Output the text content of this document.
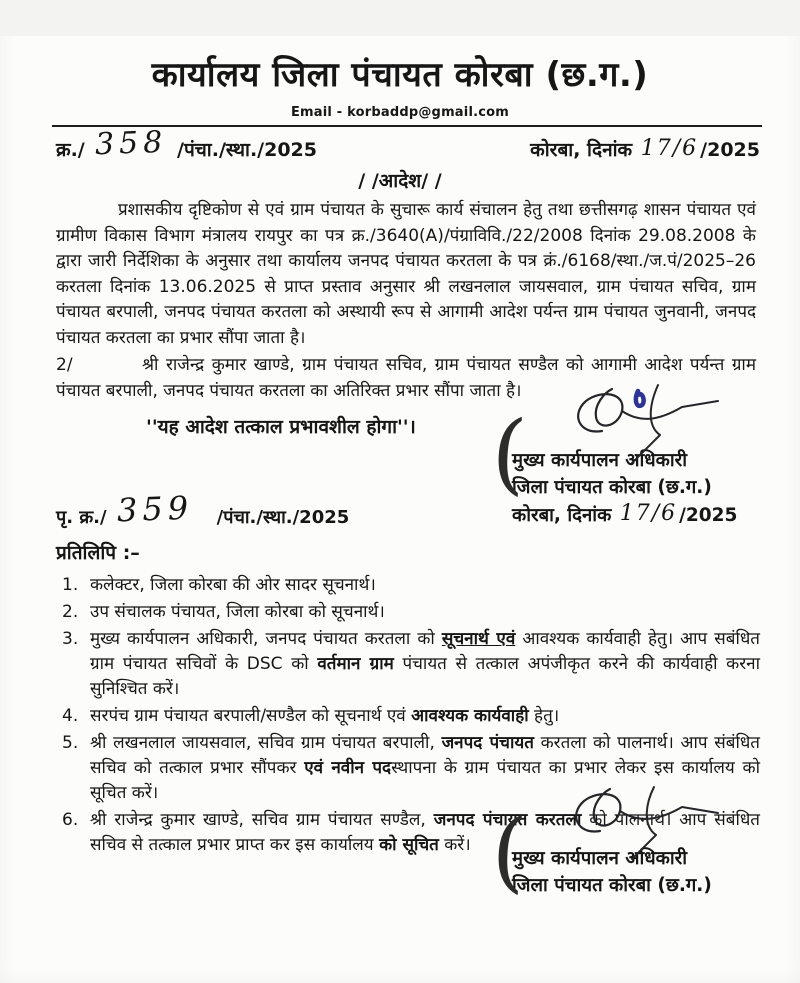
कार्यालय जिला पंचायत कोरबा (छ.ग.)
Email - korbaddp@gmail.com
क्र./ 358 /पंचा./स्था./2025	कोरबा, दिनांक
17/6 /2025
/ /आदेश/ /
प्रशासकीय दृष्टिकोण से एवं ग्राम पंचायत के सुचारू कार्य संचालन हेतु तथा छत्तीसगढ़ शासन पंचायत एवं ग्रामीण विकास विभाग मंत्रालय रायपुर का पत्र क्र./3640(A)/पंग्राविवि./22/2008 दिनांक 29.08.2008 के द्वारा जारी निर्देशिका के अनुसार तथा कार्यालय जनपद पंचायत करतला के पत्र क्रं./6168/स्था./ज.पं/2025–26 करतला दिनांक 13.06.2025 से प्राप्त प्रस्ताव अनुसार श्री लखनलाल जायसवाल, ग्राम पंचायत सचिव, ग्राम पंचायत बरपाली, जनपद पंचायत करतला को अस्थायी रूप से आगामी आदेश पर्यन्त ग्राम पंचायत जुनवानी, जनपद पंचायत करतला का प्रभार सौंपा जाता है।
2/	श्री राजेन्द्र कुमार खाण्डे, ग्राम पंचायत सचिव, ग्राम पंचायत सण्डैल को आगामी आदेश पर्यन्त ग्राम पंचायत बरपाली, जनपद पंचायत करतला का अतिरिक्त प्रभार सौंपा जाता है।
''यह आदेश तत्काल प्रभावशील होगा''। (
मुख्य कार्यपालन अधिकारी
जिला पंचायत कोरबा (छ.ग.)
कोरबा, दिनांक 17/6 /2025
पृ. क्र./ 359	/पंचा./स्था./2025
प्रतिलिपि :–
1. कलेक्टर, जिला कोरबा की ओर सादर सूचनार्थ।
2. उप संचालक पंचायत, जिला कोरबा को सूचनार्थ।
3. मुख्य कार्यपालन अधिकारी, जनपद पंचायत करतला को सूचनार्थ एवं आवश्यक कार्यवाही हेतु। आप सबंधित ग्राम पंचायत सचिवों के DSC को वर्तमान ग्राम पंचायत से तत्काल अपंजीकृत करने की कार्यवाही करना सुनिश्चित करें।
4. सरपंच ग्राम पंचायत बरपाली/सण्डैल को सूचनार्थ एवं आवश्यक कार्यवाही हेतु।
5. श्री लखनलाल जायसवाल, सचिव ग्राम पंचायत बरपाली, जनपद पंचायत करतला को पालनार्थ। आप संबंधित सचिव को तत्काल प्रभार सौंपकर एवं नवीन पदस्थापना के ग्राम पंचायत का प्रभार लेकर इस कार्यालय को सूचित करें।
6. श्री राजेन्द्र कुमार खाण्डे, सचिव ग्राम पंचायत सण्डैल, जनपद पंचायत करतला को पालनार्थ। आप संबंधित सचिव से तत्काल प्रभार प्राप्त कर इस कार्यालय को सूचित करें। (
मुख्य कार्यपालन अधिकारी
जिला पंचायत कोरबा (छ.ग.)
